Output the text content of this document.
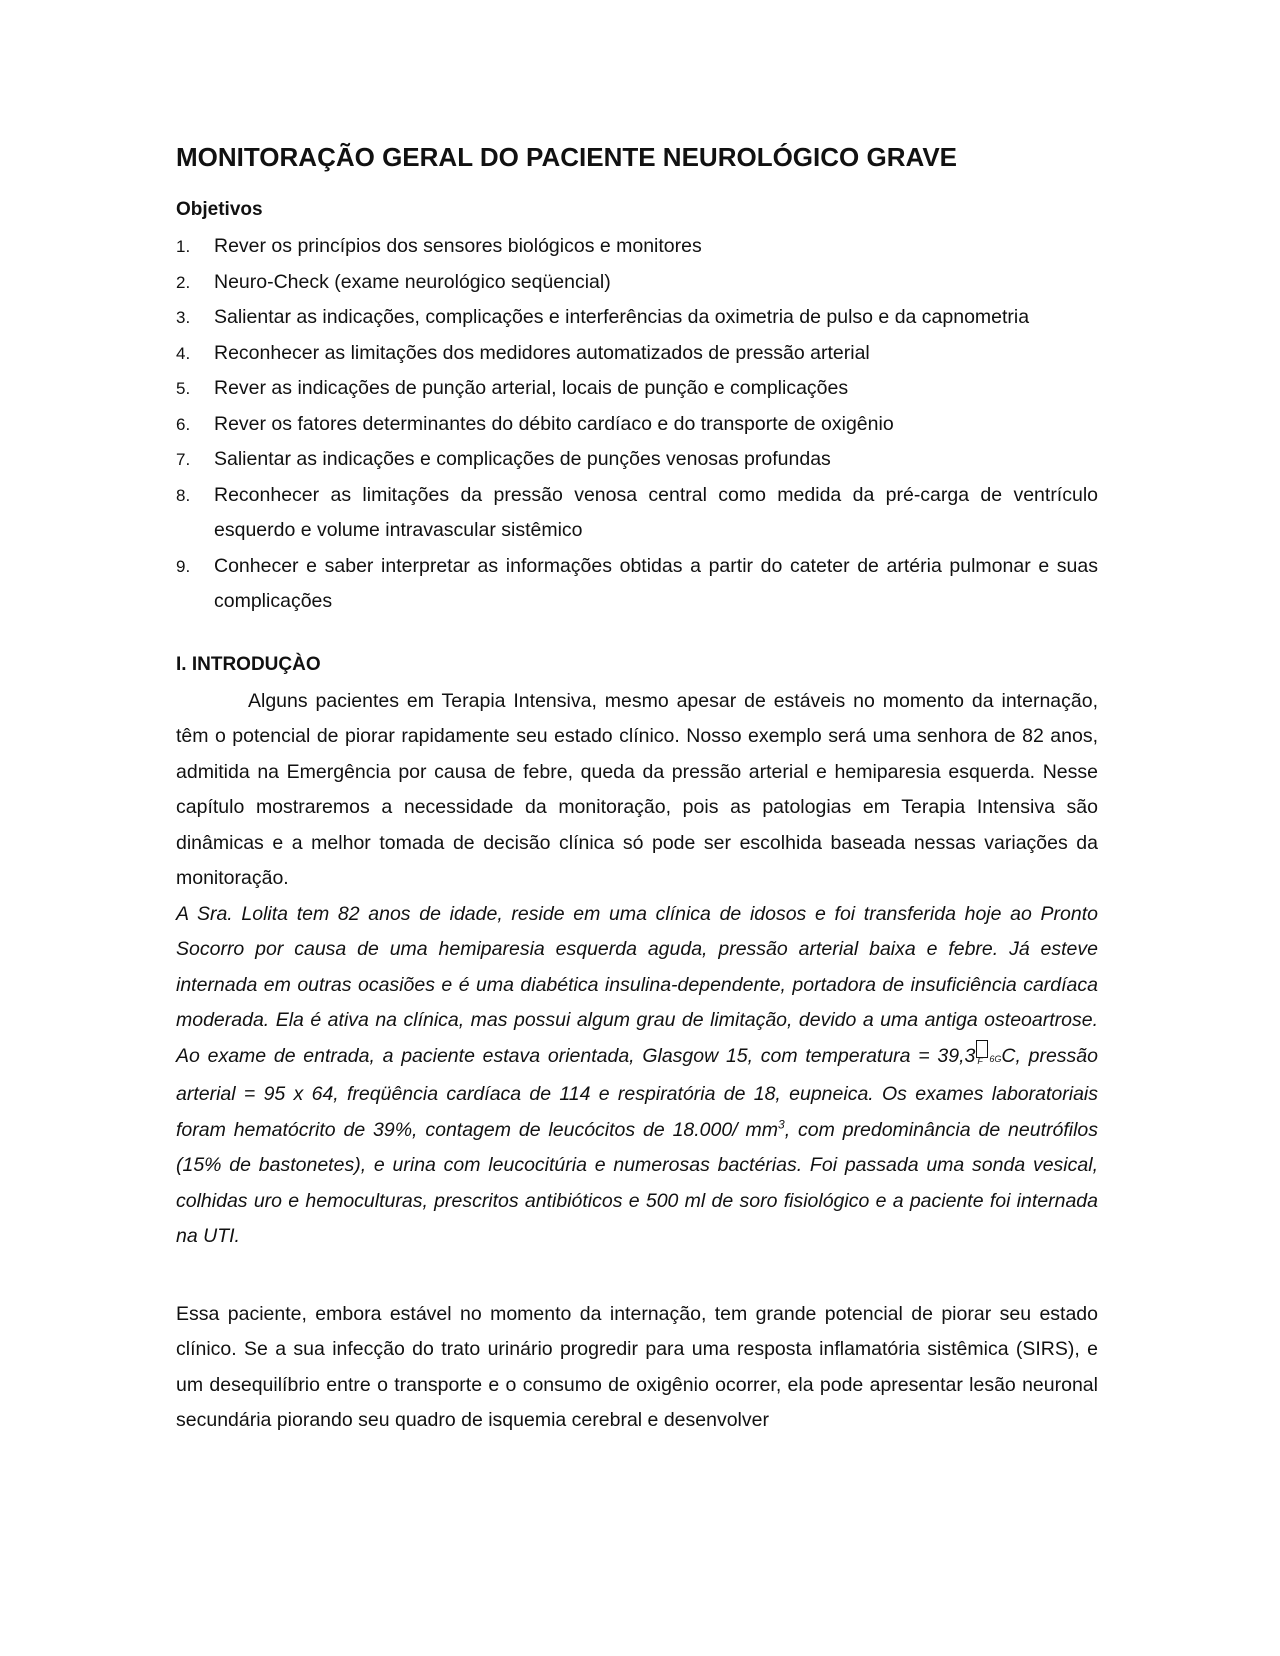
MONITORAÇÃO GERAL DO PACIENTE NEUROLÓGICO GRAVE
Objetivos
1. Rever os princípios dos sensores biológicos e monitores
2. Neuro-Check (exame neurológico seqüencial)
3. Salientar as indicações, complicações e interferências da oximetria de pulso e da capnometria
4. Reconhecer as limitações dos medidores automatizados de pressão arterial
5. Rever as indicações de punção arterial, locais de punção e complicações
6. Rever os fatores determinantes do débito cardíaco e do transporte de oxigênio
7. Salientar as indicações e complicações de punções venosas profundas
8. Reconhecer as limitações da pressão venosa central como medida da pré-carga de ventrículo esquerdo e volume intravascular sistêmico
9. Conhecer e saber interpretar as informações obtidas a partir do cateter de artéria pulmonar e suas complicações
I. INTRODUÇÀO

Alguns pacientes em Terapia Intensiva, mesmo apesar de estáveis no momento da internação, têm o potencial de piorar rapidamente seu estado clínico. Nosso exemplo será uma senhora de 82 anos, admitida na Emergência por causa de febre, queda da pressão arterial e hemiparesia esquerda. Nesse capítulo mostraremos a necessidade da monitoração, pois as patologias em Terapia Intensiva são dinâmicas e a melhor tomada de decisão clínica só pode ser escolhida baseada nessas variações da monitoração.

A Sra. Lolita tem 82 anos de idade, reside em uma clínica de idosos e foi transferida hoje ao Pronto Socorro por causa de uma hemiparesia esquerda aguda, pressão arterial baixa e febre. Já esteve internada em outras ocasiões e é uma diabética insulina-dependente, portadora de insuficiência cardíaca moderada. Ela é ativa na clínica, mas possui algum grau de limitação, devido a uma antiga osteoartrose. Ao exame de entrada, a paciente estava orientada, Glasgow 15, com temperatura = 39,3 F 6GC, pressão arterial = 95 x 64, freqüência cardíaca de 114 e respiratória de 18, eupneica. Os exames laboratoriais foram hematócrito de 39%, contagem de leucócitos de 18.000/ $mm^3$, com predominância de neutrófilos (15% de bastonetes), e urina com leucocitúria e numerosas bactérias. Foi passada uma sonda vesical, colhidas uro e hemoculturas, prescritos antibióticos e 500 ml de soro fisiológico e a paciente foi internada na UTI.

Essa paciente, embora estável no momento da internação, tem grande potencial de piorar seu estado clínico. Se a sua infecção do trato urinário progredir para uma resposta inflamatória sistêmica (SIRS), e um desequilíbrio entre o transporte e o consumo de oxigênio ocorrer, ela pode apresentar lesão neuronal secundária piorando seu quadro de isquemia cerebral e desenvolver
